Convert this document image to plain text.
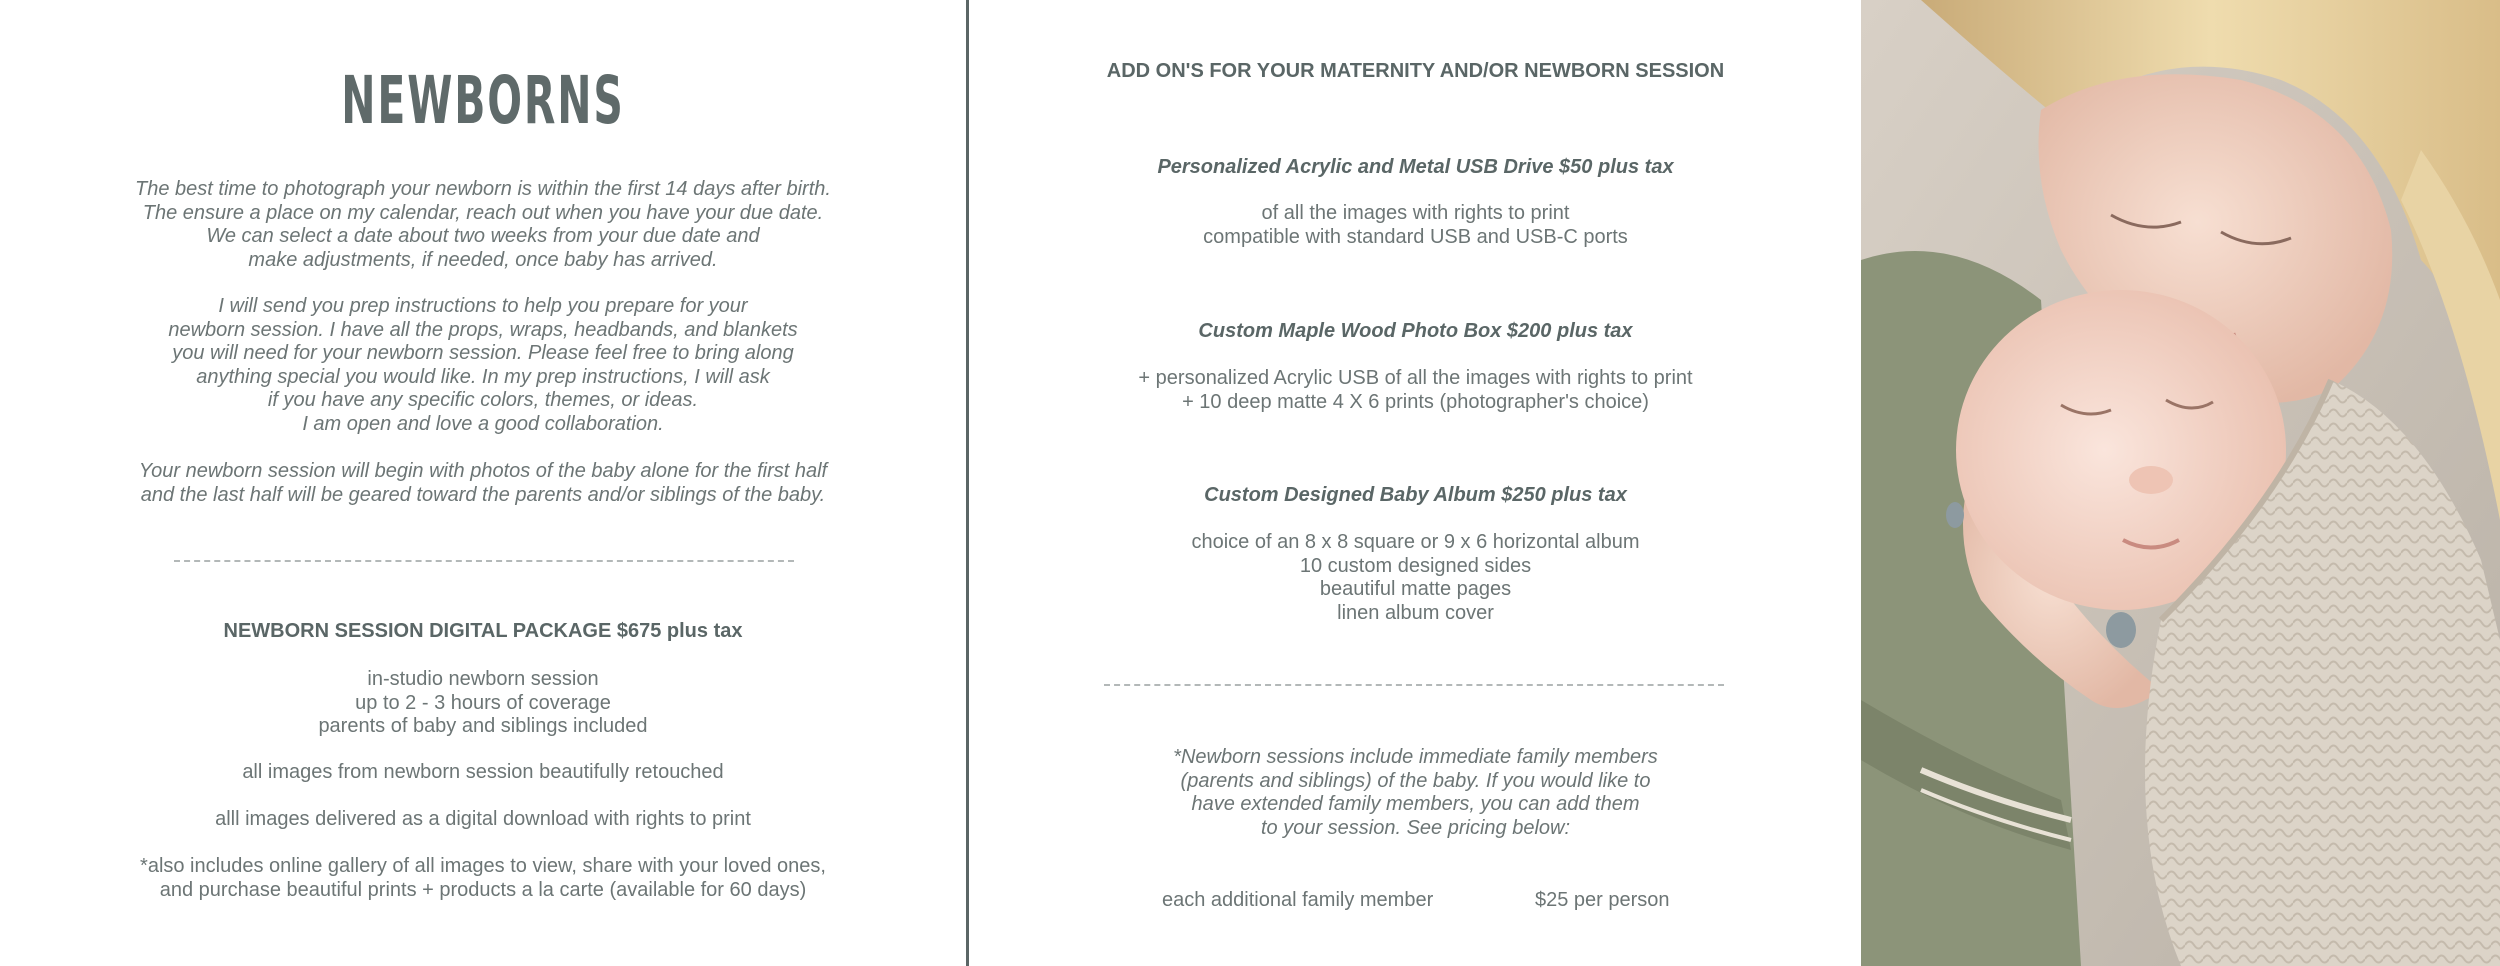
NEWBORNS
The best time to photograph your newborn is within the first 14 days after birth.
The ensure a place on my calendar, reach out when you have your due date.
We can select a date about two weeks from your due date and
make adjustments, if needed, once baby has arrived.
I will send you prep instructions to help you prepare for your
newborn session. I have all the props, wraps, headbands, and blankets
you will need for your newborn session. Please feel free to bring along
anything special you would like. In my prep instructions, I will ask
if you have any specific colors, themes, or ideas.
I am open and love a good collaboration.
Your newborn session will begin with photos of the baby alone for the first half
and the last half will be geared toward the parents and/or siblings of the baby.
NEWBORN SESSION DIGITAL PACKAGE $675 plus tax
in-studio newborn session
up to 2 - 3 hours of coverage
parents of baby and siblings included
all images from newborn session beautifully retouched
alll images delivered as a digital download with rights to print
*also includes online gallery of all images to view, share with your loved ones,
and purchase beautiful prints + products a la carte (available for 60 days)
ADD ON'S FOR YOUR MATERNITY AND/OR NEWBORN SESSION
Personalized Acrylic and Metal USB Drive $50 plus tax
of all the images with rights to print
compatible with standard USB and USB-C ports
Custom Maple Wood Photo Box $200 plus tax
+ personalized Acrylic USB of all the images with rights to print
+ 10 deep matte 4 X 6 prints (photographer's choice)
Custom Designed Baby Album $250 plus tax
choice of an 8 x 8 square or 9 x 6 horizontal album
10 custom designed sides
beautiful matte pages
linen album cover
*Newborn sessions include immediate family members
(parents and siblings) of the baby. If you would like to
have extended family members, you can add them
to your session. See pricing below:
each additional family member	$25 per person
